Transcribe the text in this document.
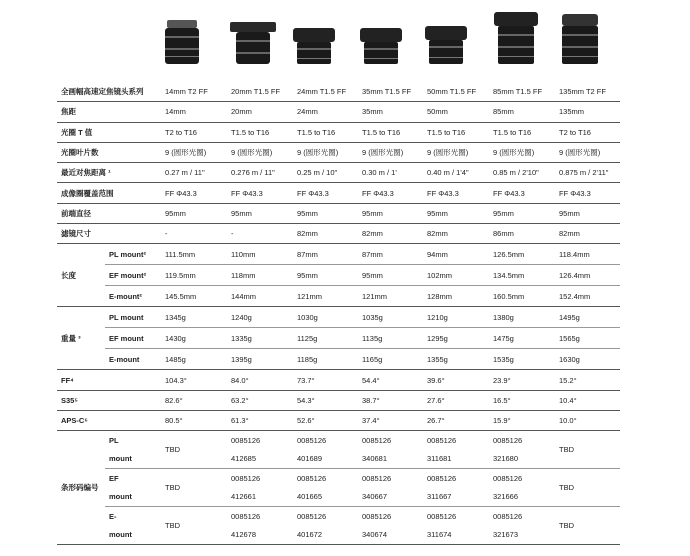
全画幅高速定焦镜头系列		14mm T2 FF	20mm T1.5 FF	24mm T1.5 FF	35mm T1.5 FF	50mm T1.5 FF	85mm T1.5 FF	135mm T2 FF
焦距		14mm	20mm	24mm	35mm	50mm	85mm	135mm
光圈 T 值		T2 to T16	T1.5 to T16	T1.5 to T16	T1.5 to T16	T1.5 to T16	T1.5 to T16	T2 to T16
光圈叶片数		9 (圆形光圈)	9 (圆形光圈)	9 (圆形光圈)	9 (圆形光圈)	9 (圆形光圈)	9 (圆形光圈)	9 (圆形光圈)
最近对焦距离 ¹		0.27 m / 11"	0.276 m / 11"	0.25 m / 10"	0.30 m / 1'	0.40 m / 1'4"	0.85 m / 2'10"	0.875 m / 2'11"
成像圈覆盖范围		FF Φ43.3	FF Φ43.3	FF Φ43.3	FF Φ43.3	FF Φ43.3	FF Φ43.3	FF Φ43.3
前端直径		95mm	95mm	95mm	95mm	95mm	95mm	95mm
滤镜尺寸		-	-	82mm	82mm	82mm	86mm	82mm
长度	PL mount²	111.5mm	110mm	87mm	87mm	94mm	126.5mm	118.4mm
	EF mount²	119.5mm	118mm	95mm	95mm	102mm	134.5mm	126.4mm
	E-mount²	145.5mm	144mm	121mm	121mm	128mm	160.5mm	152.4mm
重量 ³	PL mount	1345g	1240g	1030g	1035g	1210g	1380g	1495g
	EF mount	1430g	1335g	1125g	1135g	1295g	1475g	1565g
	E-mount	1485g	1395g	1185g	1165g	1355g	1535g	1630g
FF⁴		104.3°	84.0°	73.7°	54.4°	39.6°	23.9°	15.2°
S35⁵		82.6°	63.2°	54.3°	38.7°	27.6°	16.5°	10.4°
APS-C⁶		80.5°	61.3°	52.6°	37.4°	26.7°	15.9°	10.0°
条形码编号	PL	TBD	0085126	0085126	0085126	0085126	0085126	TBD
	mount		412685	401689	340681	311681	321680	
	EF	TBD	0085126	0085126	0085126	0085126	0085126	TBD
	mount		412661	401665	340667	311667	321666	
	E-	TBD	0085126	0085126	0085126	0085126	0085126	TBD
	mount		412678	401672	340674	311674	321673	
